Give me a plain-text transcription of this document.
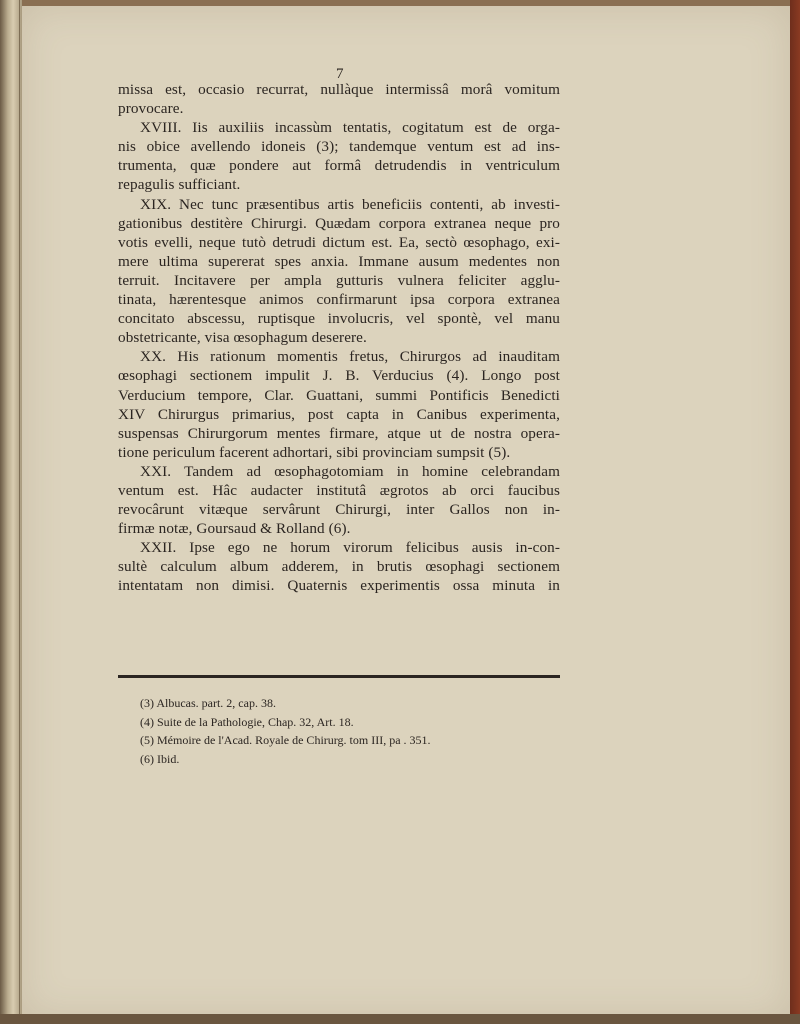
7
missa est, occasio recurrat, nullàque intermissâ morâ vomitum
provocare.
XVIII. Iis auxiliis incassùm tentatis, cogitatum est de orga-
nis obice avellendo idoneis (3); tandemque ventum est ad ins-
trumenta, quæ pondere aut formâ detrudendis in ventriculum
repagulis sufficiant.
XIX. Nec tunc præsentibus artis beneficiis contenti, ab investi-
gationibus destitère Chirurgi. Quædam corpora extranea neque pro
votis evelli, neque tutò detrudi dictum est. Ea, sectò œsophago, exi-
mere ultima supererat spes anxia. Immane ausum medentes non
terruit. Incitavere per ampla gutturis vulnera feliciter agglu-
tinata, hærentesque animos confirmarunt ipsa corpora extranea
concitato abscessu, ruptisque involucris, vel spontè, vel manu
obstetricante, visa œsophagum deserere.
XX. His rationum momentis fretus, Chirurgos ad inauditam
œsophagi sectionem impulit J. B. Verducius (4). Longo post
Verducium tempore, Clar. Guattani, summi Pontificis Benedicti
XIV Chirurgus primarius, post capta in Canibus experimenta,
suspensas Chirurgorum mentes firmare, atque ut de nostra opera-
tione periculum facerent adhortari, sibi provinciam sumpsit (5).
XXI. Tandem ad œsophagotomiam in homine celebrandam
ventum est. Hâc audacter institutâ ægrotos ab orci faucibus
revocârunt vitæque servârunt Chirurgi, inter Gallos non in-
firmæ notæ, Goursaud & Rolland (6).
XXII. Ipse ego ne horum virorum felicibus ausis in-con-
sultè calculum album adderem, in brutis œsophagi sectionem
intentatam non dimisi. Quaternis experimentis ossa minuta in
(3) Albucas. part. 2, cap. 38.
(4) Suite de la Pathologie, Chap. 32, Art. 18.
(5) Mémoire de l'Acad. Royale de Chirurg. tom III, pa . 351.
(6) Ibid.
